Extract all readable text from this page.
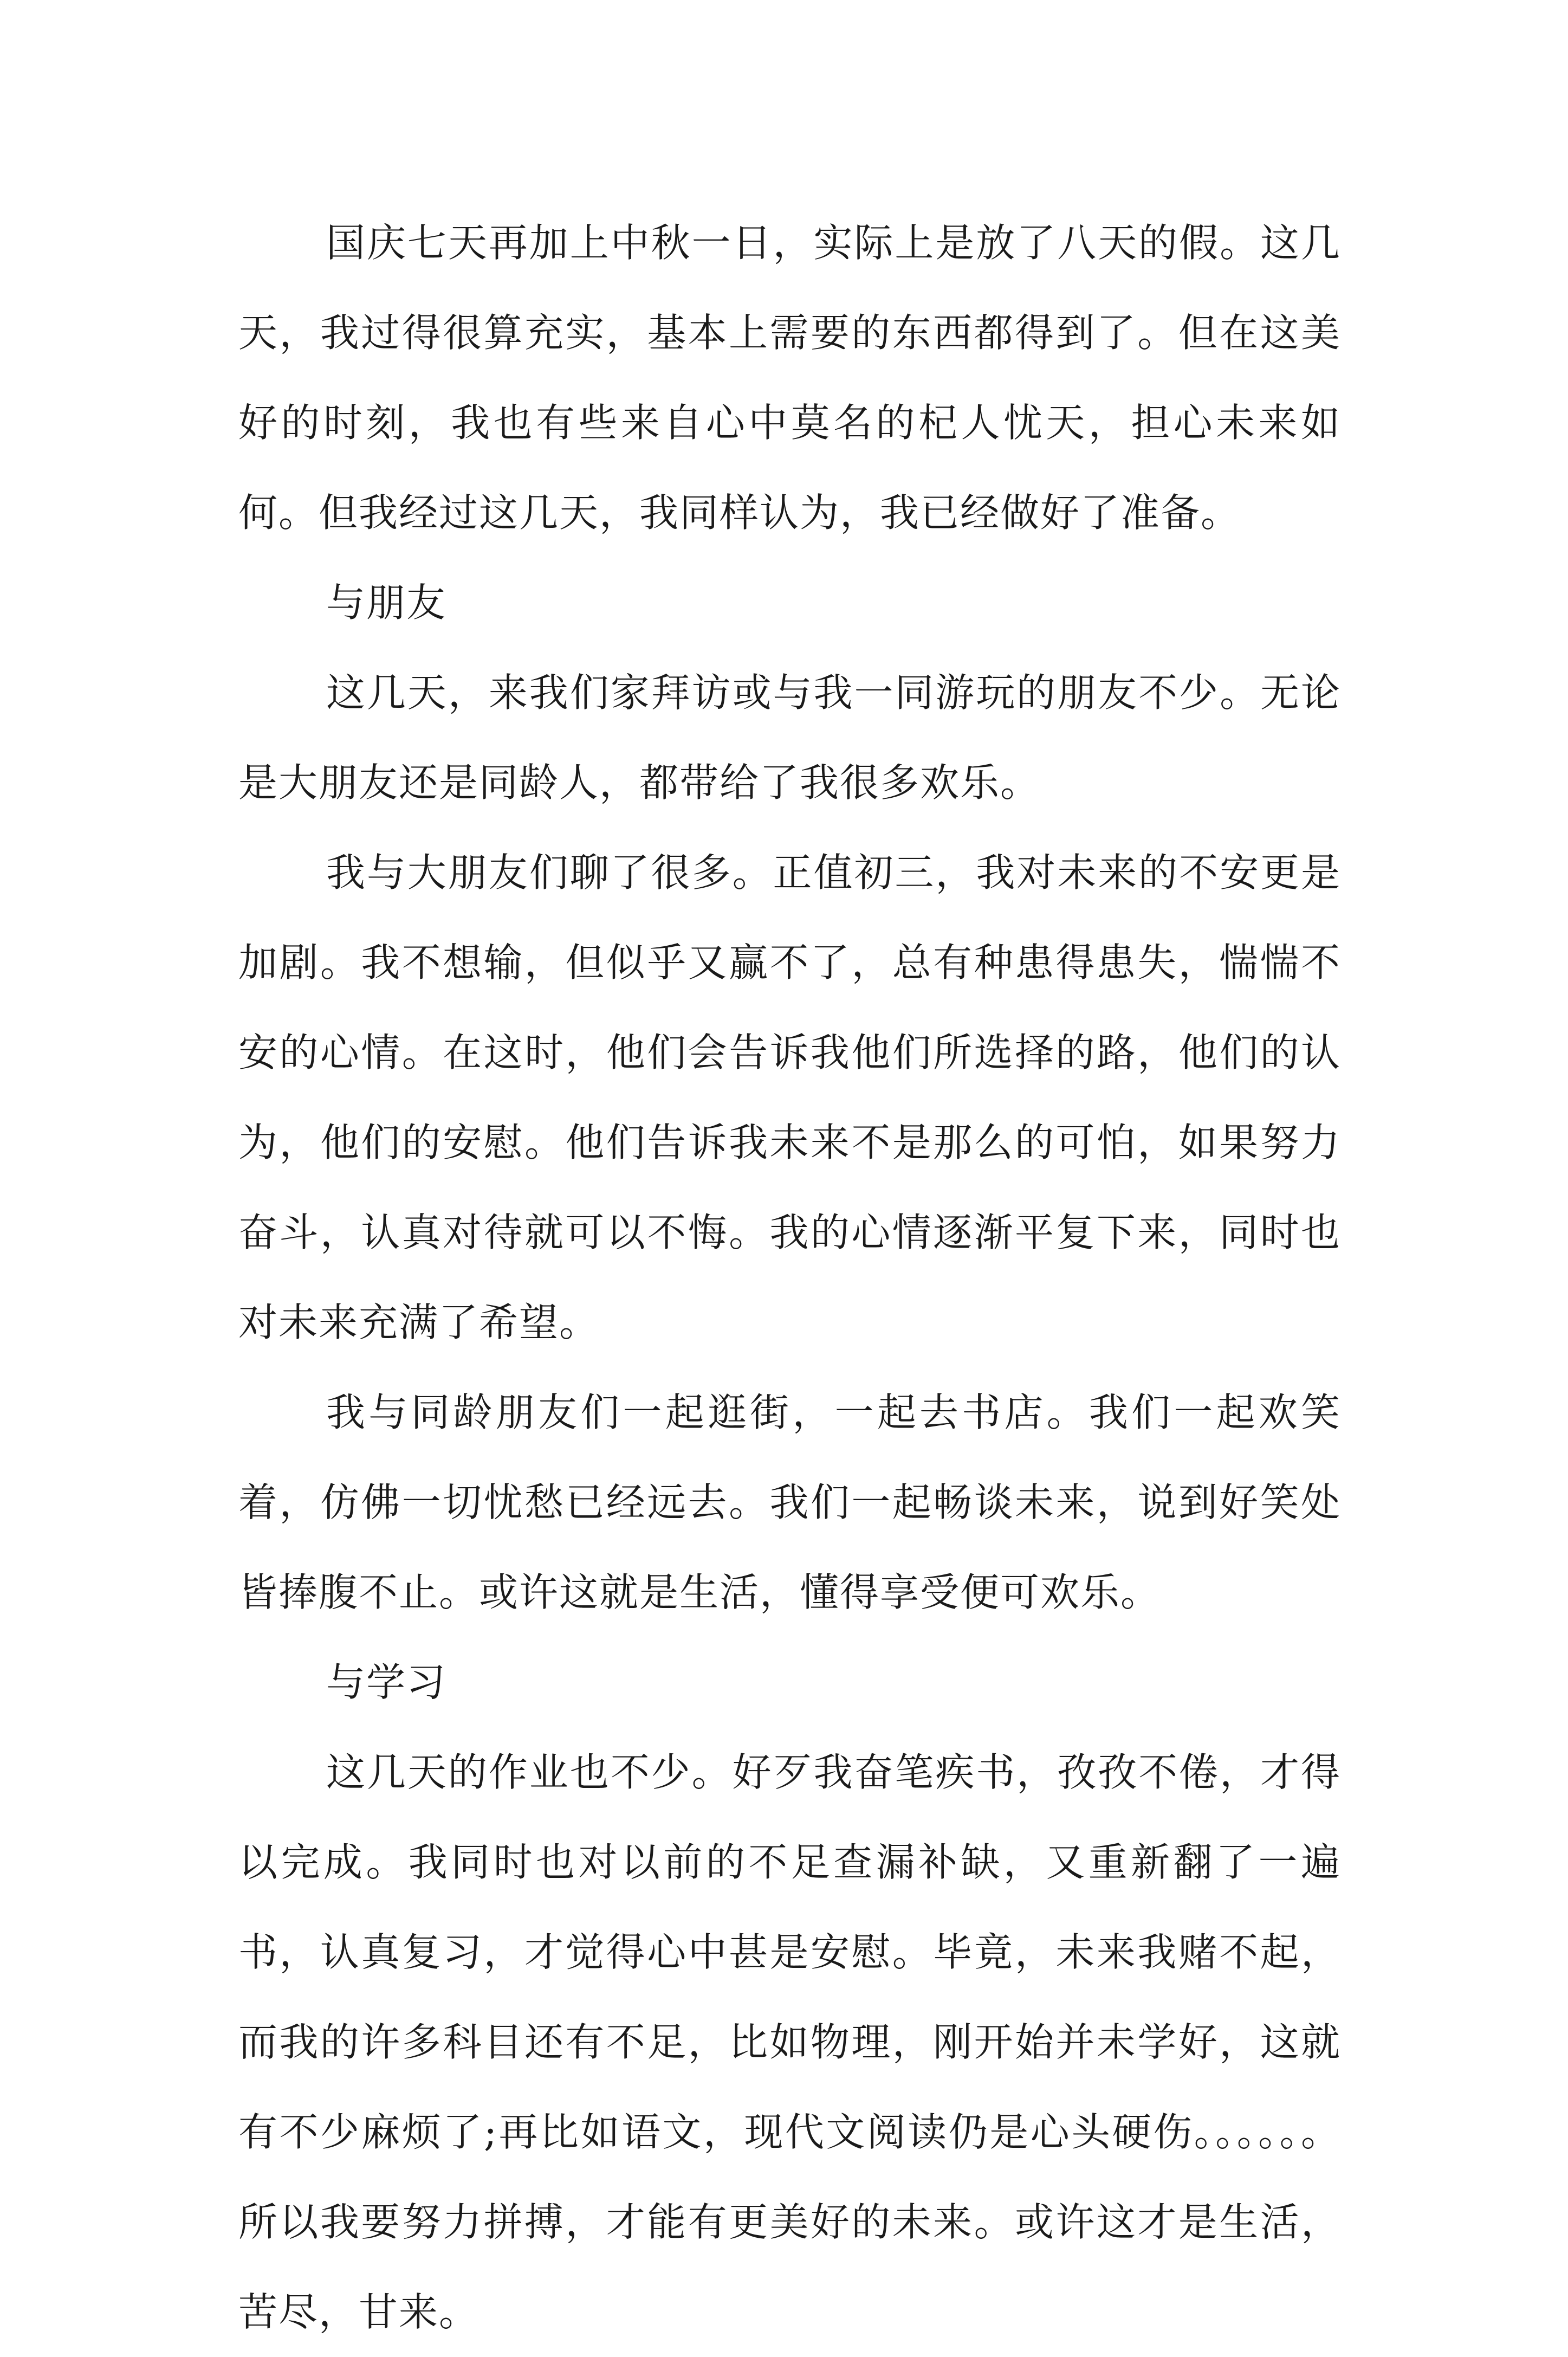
国庆七天再加上中秋一日，实际上是放了八天的假。这几天，我过得很算充实，基本上需要的东西都得到了。但在这美好的时刻，我也有些来自心中莫名的杞人忧天，担心未来如何。但我经过这几天，我同样认为，我已经做好了准备。

与朋友

这几天，来我们家拜访或与我一同游玩的朋友不少。无论是大朋友还是同龄人，都带给了我很多欢乐。

我与大朋友们聊了很多。正值初三，我对未来的不安更是加剧。我不想输，但似乎又赢不了，总有种患得患失，惴惴不安的心情。在这时，他们会告诉我他们所选择的路，他们的认为，他们的安慰。他们告诉我未来不是那么的可怕，如果努力奋斗，认真对待就可以不悔。我的心情逐渐平复下来，同时也对未来充满了希望。

我与同龄朋友们一起逛街，一起去书店。我们一起欢笑着，仿佛一切忧愁已经远去。我们一起畅谈未来，说到好笑处皆捧腹不止。或许这就是生活，懂得享受便可欢乐。

与学习

这几天的作业也不少。好歹我奋笔疾书，孜孜不倦，才得以完成。我同时也对以前的不足查漏补缺，又重新翻了一遍书，认真复习，才觉得心中甚是安慰。毕竟，未来我赌不起，而我的许多科目还有不足，比如物理，刚开始并未学好，这就有不少麻烦了;再比如语文，现代文阅读仍是心头硬伤。。。。。。所以我要努力拼搏，才能有更美好的未来。或许这才是生活，苦尽，甘来。
